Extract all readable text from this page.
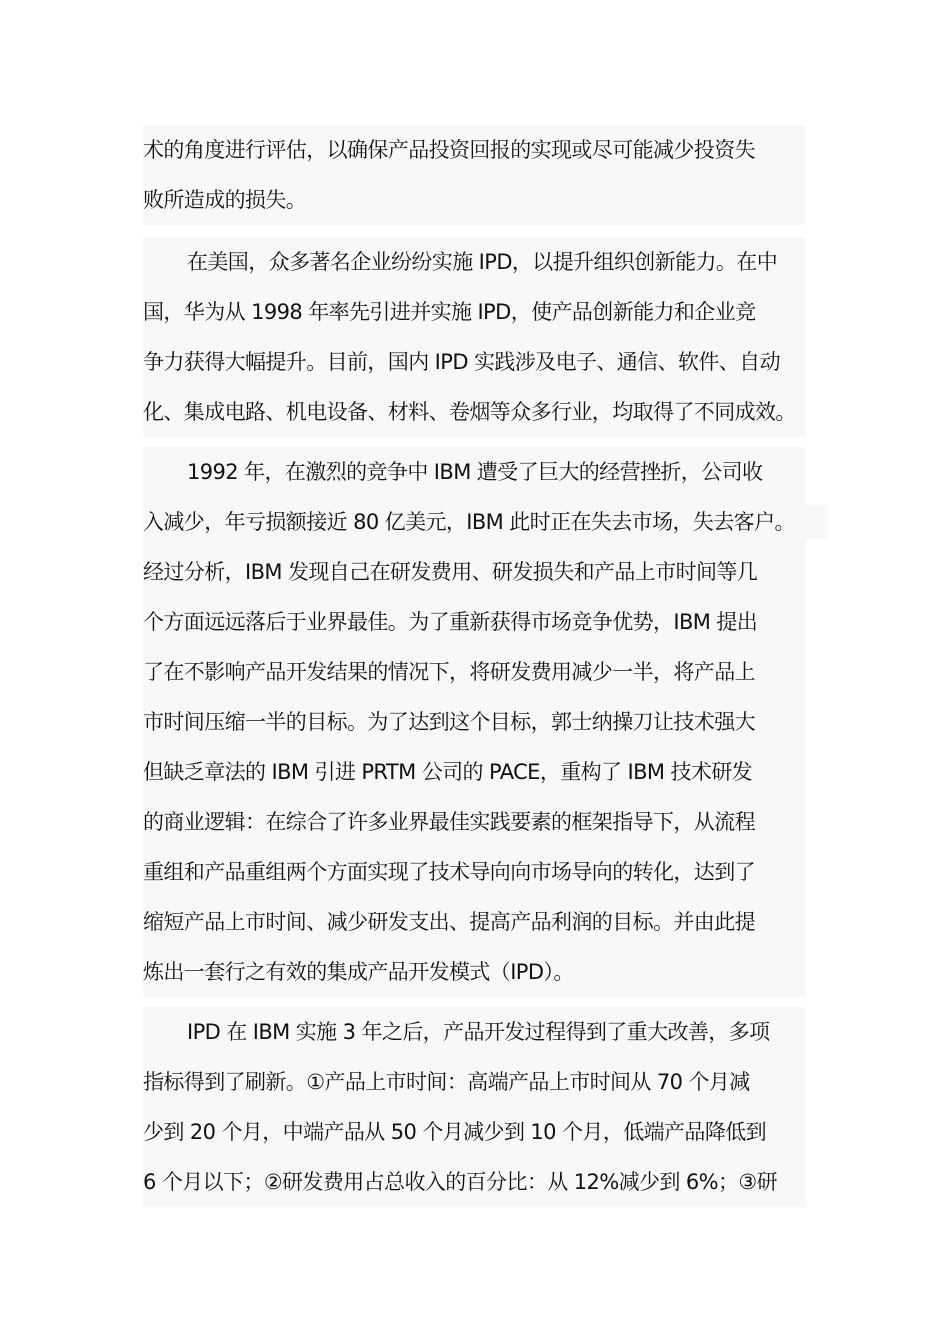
术的角度进行评估，以确保产品投资回报的实现或尽可能减少投资失
败所造成的损失。
在美国，众多著名企业纷纷实施 IPD，以提升组织创新能力。在中
国，华为从 1998 年率先引进并实施 IPD，使产品创新能力和企业竞
争力获得大幅提升。目前，国内 IPD 实践涉及电子、通信、软件、自动
化、集成电路、机电设备、材料、卷烟等众多行业，均取得了不同成效。
1992 年，在激烈的竞争中 IBM 遭受了巨大的经营挫折，公司收
入减少，年亏损额接近 80 亿美元，IBM 此时正在失去市场，失去客户。
经过分析，IBM 发现自己在研发费用、研发损失和产品上市时间等几
个方面远远落后于业界最佳。为了重新获得市场竞争优势，IBM 提出
了在不影响产品开发结果的情况下，将研发费用减少一半，将产品上
市时间压缩一半的目标。为了达到这个目标，郭士纳操刀让技术强大
但缺乏章法的 IBM 引进 PRTM 公司的 PACE，重构了 IBM 技术研发
的商业逻辑：在综合了许多业界最佳实践要素的框架指导下，从流程
重组和产品重组两个方面实现了技术导向向市场导向的转化，达到了
缩短产品上市时间、减少研发支出、提高产品利润的目标。并由此提
炼出一套行之有效的集成产品开发模式（IPD）。
IPD 在 IBM 实施 3 年之后，产品开发过程得到了重大改善，多项
指标得到了刷新。①产品上市时间：高端产品上市时间从 70 个月减
少到 20 个月，中端产品从 50 个月减少到 10 个月，低端产品降低到
6 个月以下；②研发费用占总收入的百分比：从 12%减少到 6%；③研
